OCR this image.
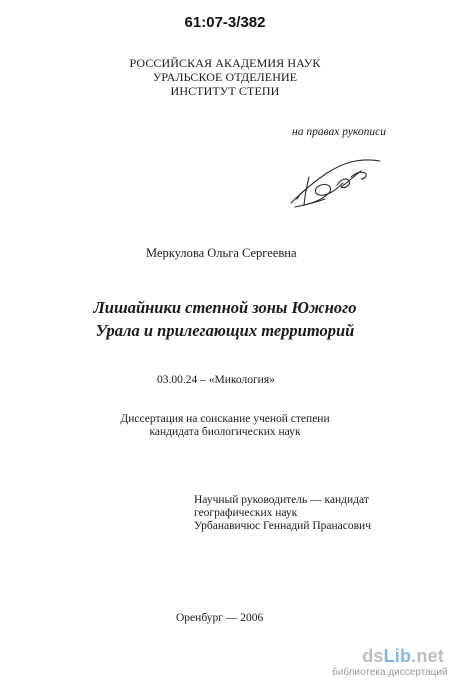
61:07-3/382
РОССИЙСКАЯ АКАДЕМИЯ НАУК
УРАЛЬСКОЕ ОТДЕЛЕНИЕ
ИНСТИТУТ СТЕПИ
на правах рукописи
Меркулова Ольга Сергеевна
Лишайники степной зоны Южного
Урала и прилегающих территорий
03.00.24 – «Микология»
Диссертация на соискание ученой степени
кандидата биологических наук
Научный руководитель — кандидат
географических наук
Урбанавичюс Геннадий Пранасович
Оренбург — 2006
dsLib.net
библиотека диссертаций
